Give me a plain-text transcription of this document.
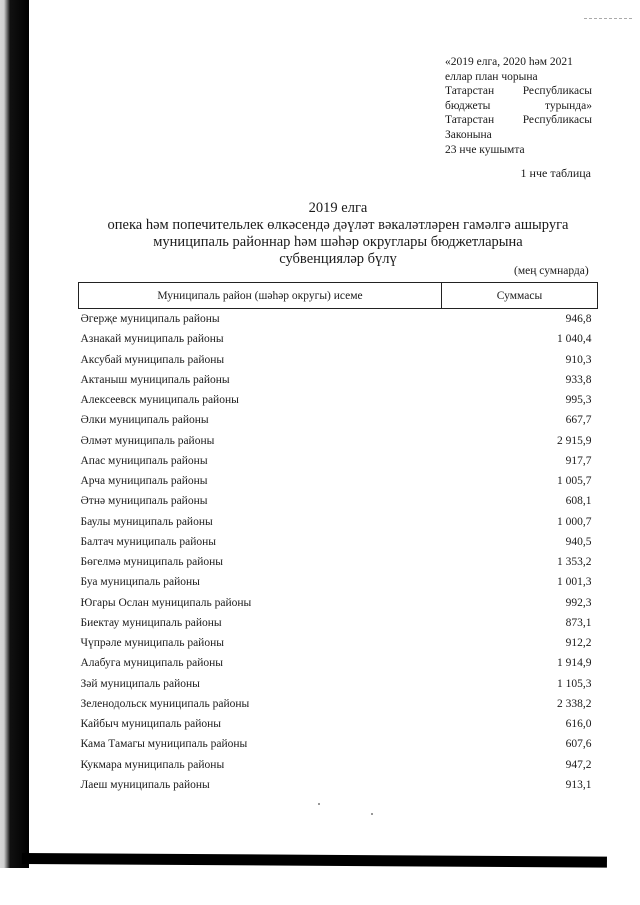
«2019 елга, 2020 һәм 2021
еллар план чорына
Татарстан Республикасы
бюджеты	турында»
Татарстан Республикасы
Законына
23 нче кушымта
1 нче таблица
2019 елга
опека һәм попечительлек өлкәсендә дәүләт вәкаләтләрен гамәлгә ашыруга
муниципаль районнар һәм шәһәр округлары бюджетларына
субвенцияләр бүлү
(мең сумнарда)
Муниципаль район (шәһәр округы) исеме	Суммасы
Әгерҗе муниципаль районы	946,8
Азнакай муниципаль районы	1 040,4
Аксубай муниципаль районы	910,3
Актаныш муниципаль районы	933,8
Алексеевск муниципаль районы	995,3
Әлки муниципаль районы	667,7
Әлмәт муниципаль районы	2 915,9
Апас муниципаль районы	917,7
Арча муниципаль районы	1 005,7
Әтнә муниципаль районы	608,1
Баулы муниципаль районы	1 000,7
Балтач муниципаль районы	940,5
Бөгелмә муниципаль районы	1 353,2
Буа муниципаль районы	1 001,3
Югары Ослан муниципаль районы	992,3
Биектау муниципаль районы	873,1
Чүпрәле муниципаль районы	912,2
Алабуга муниципаль районы	1 914,9
Зәй муниципаль районы	1 105,3
Зеленодольск муниципаль районы	2 338,2
Кайбыч муниципаль районы	616,0
Кама Тамагы муниципаль районы	607,6
Кукмара муниципаль районы	947,2
Лаеш муниципаль районы	913,1
